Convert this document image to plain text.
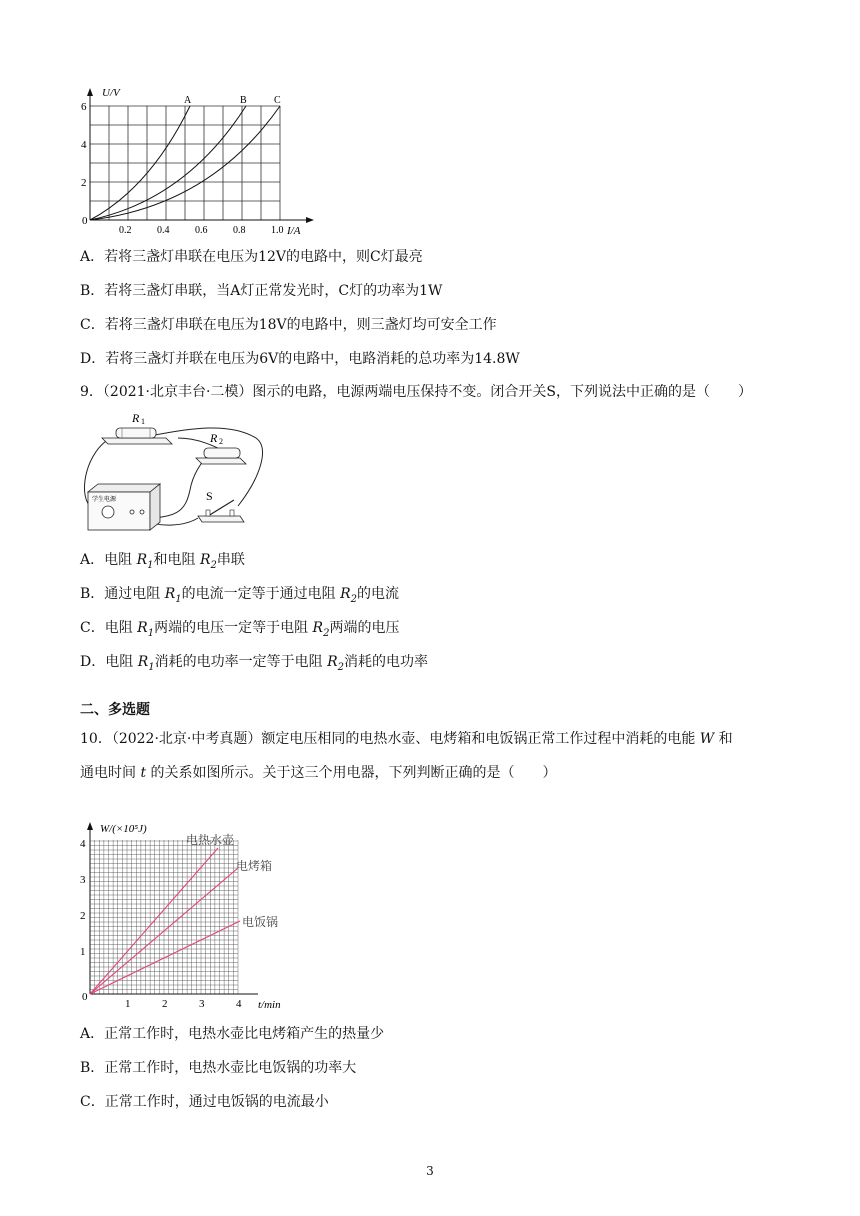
U/V
I/A
0
2
4
6
0.2	0.4	0.6	0.8	1.0
A	B	C
A．若将三盏灯串联在电压为12V的电路中，则C灯最亮
B．若将三盏灯串联，当A灯正常发光时，C灯的功率为1W
C．若将三盏灯串联在电压为18V的电路中，则三盏灯均可安全工作
D．若将三盏灯并联在电压为6V的电路中，电路消耗的总功率为14.8W
9．（2021·北京丰台·二模）图示的电路，电源两端电压保持不变。闭合开关S，下列说法中正确的是（　　）
R 1
R 2
学生电源	S
A．电阻 $R_1$和电阻 $R_2$串联
B．通过电阻 $R_1$的电流一定等于通过电阻 $R_2$的电流
C．电阻 $R_1$两端的电压一定等于电阻 $R_2$两端的电压
D．电阻 $R_1$消耗的电功率一定等于电阻 $R_2$消耗的电功率
二、多选题
10．（2022·北京·中考真题）额定电压相同的电热水壶、电烤箱和电饭锅正常工作过程中消耗的电能 W 和
通电时间 t 的关系如图所示。关于这三个用电器，下列判断正确的是（　　）
W/(×10⁵J)
t/min
1
2
3
4
0
1	2	3	4
电热水壶
电烤箱
电饭锅
A．正常工作时，电热水壶比电烤箱产生的热量少
B．正常工作时，电热水壶比电饭锅的功率大
C．正常工作时，通过电饭锅的电流最小
3
